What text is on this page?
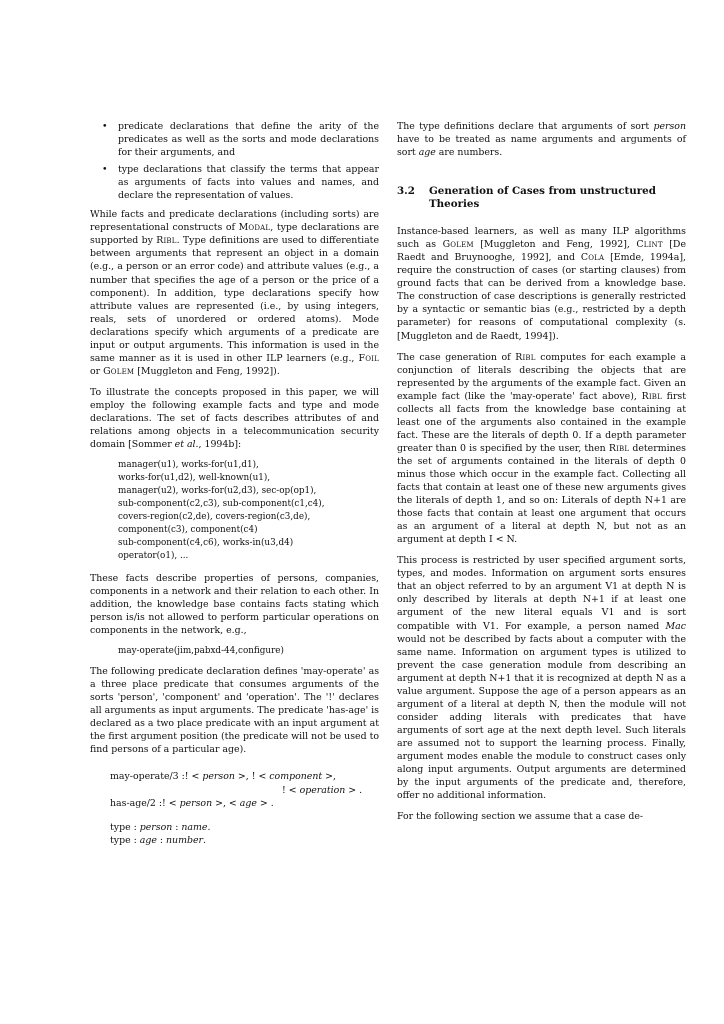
• predicate declarations that define the arity of the predicates as well as the sorts and mode declarations for their arguments, and
• type declarations that classify the terms that appear as arguments of facts into values and names, and declare the representation of values.

While facts and predicate declarations (including sorts) are representational constructs of Modal, type declarations are supported by Ribl. Type definitions are used to differentiate between arguments that represent an object in a domain (e.g., a person or an error code) and attribute values (e.g., a number that specifies the age of a person or the price of a component). In addition, type declarations specify how attribute values are represented (i.e., by using integers, reals, sets of unordered or ordered atoms). Mode declarations specify which arguments of a predicate are input or output arguments. This information is used in the same manner as it is used in other ILP learners (e.g., Foil or Golem [Muggleton and Feng, 1992]).

To illustrate the concepts proposed in this paper, we will employ the following example facts and type and mode declarations. The set of facts describes attributes of and relations among objects in a telecommunication security domain [Sommer et al., 1994b]:

manager(u1), works-for(u1,d1),
works-for(u1,d2), well-known(u1),
manager(u2), works-for(u2,d3), sec-op(op1),
sub-component(c2,c3), sub-component(c1,c4),
covers-region(c2,de), covers-region(c3,de),
component(c3), component(c4)
sub-component(c4,c6), works-in(u3,d4)
operator(o1), ...

These facts describe properties of persons, companies, components in a network and their relation to each other. In addition, the knowledge base contains facts stating which person is/is not allowed to perform particular operations on components in the network, e.g.,

may-operate(jim,pabxd-44,configure)

The following predicate declaration defines 'may-operate' as a three place predicate that consumes arguments of the sorts 'person', 'component' and 'operation'. The '!' declares all arguments as input arguments. The predicate 'has-age' is declared as a two place predicate with an input argument at the first argument position (the predicate will not be used to find persons of a particular age).

may-operate/3 :! < person >, ! < component >,
! < operation > .
has-age/2 :! < person >, < age > .
type : person : name.
type : age : number.

The type definitions declare that arguments of sort person have to be treated as name arguments and arguments of sort age are numbers.

3.2	Generation of Cases from unstructured Theories

Instance-based learners, as well as many ILP algorithms such as Golem [Muggleton and Feng, 1992], Clint [De Raedt and Bruynooghe, 1992], and Cola [Emde, 1994a], require the construction of cases (or starting clauses) from ground facts that can be derived from a knowledge base. The construction of case descriptions is generally restricted by a syntactic or semantic bias (e.g., restricted by a depth parameter) for reasons of computational complexity (s. [Muggleton and de Raedt, 1994]).

The case generation of Ribl computes for each example a conjunction of literals describing the objects that are represented by the arguments of the example fact. Given an example fact (like the 'may-operate' fact above), Ribl first collects all facts from the knowledge base containing at least one of the arguments also contained in the example fact. These are the literals of depth 0. If a depth parameter greater than 0 is specified by the user, then Ribl determines the set of arguments contained in the literals of depth 0 minus those which occur in the example fact. Collecting all facts that contain at least one of these new arguments gives the literals of depth 1, and so on: Literals of depth N+1 are those facts that contain at least one argument that occurs as an argument of a literal at depth N, but not as an argument at depth I < N.

This process is restricted by user specified argument sorts, types, and modes. Information on argument sorts ensures that an object referred to by an argument V1 at depth N is only described by literals at depth N+1 if at least one argument of the new literal equals V1 and is sort compatible with V1. For example, a person named Mac would not be described by facts about a computer with the same name. Information on argument types is utilized to prevent the case generation module from describing an argument at depth N+1 that it is recognized at depth N as a value argument. Suppose the age of a person appears as an argument of a literal at depth N, then the module will not consider adding literals with predicates that have arguments of sort age at the next depth level. Such literals are assumed not to support the learning process. Finally, argument modes enable the module to construct cases only along input arguments. Output arguments are determined by the input arguments of the predicate and, therefore, offer no additional information.

For the following section we assume that a case de-
